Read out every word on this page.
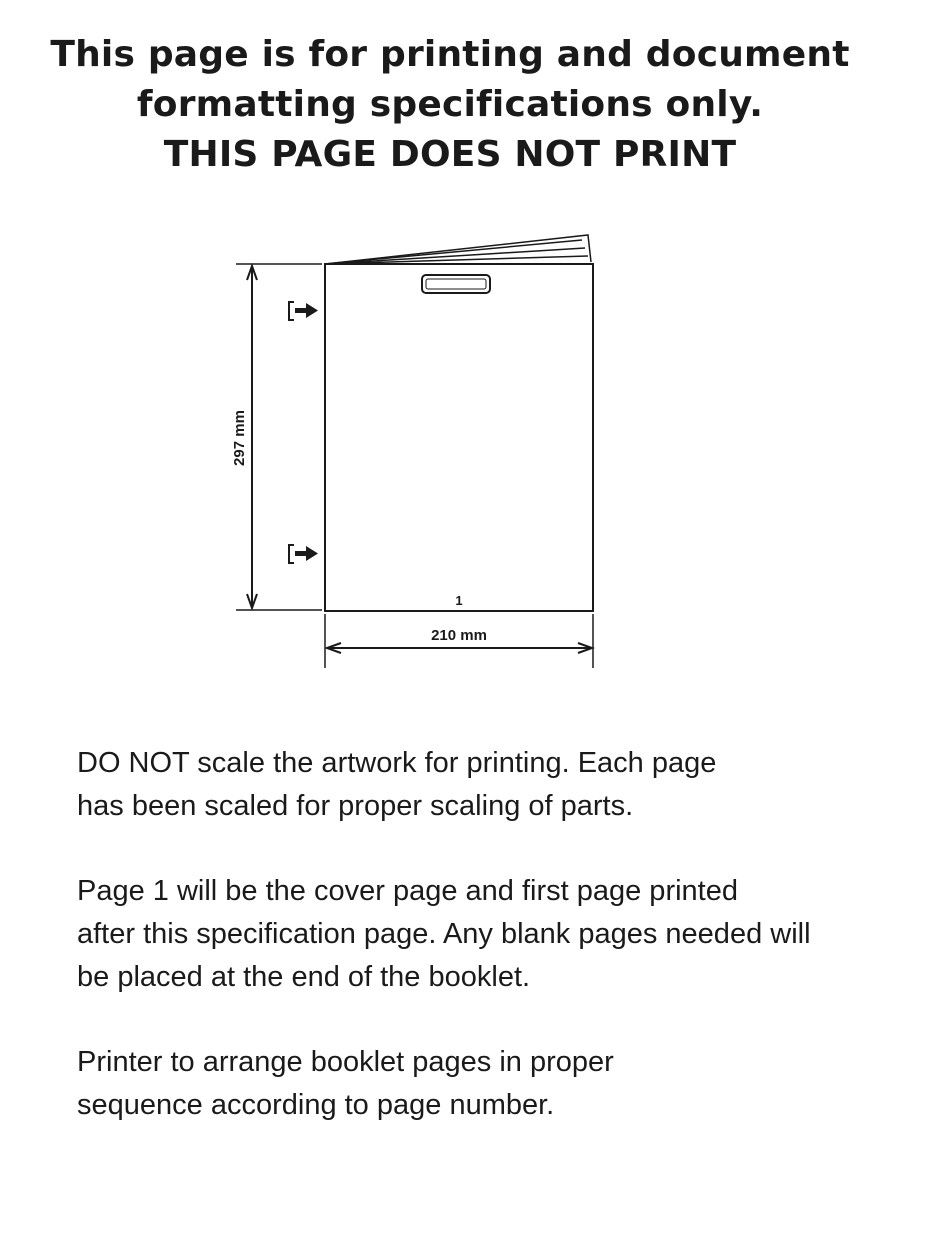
This page is for printing and document
formatting specifications only.
THIS PAGE DOES NOT PRINT
297 mm
210 mm
1

DO NOT scale the artwork for printing. Each page
has been scaled for proper scaling of parts.

Page 1 will be the cover page and first page printed
after this specification page. Any blank pages needed will
be placed at the end of the booklet.

Printer to arrange booklet pages in proper
sequence according to page number.
